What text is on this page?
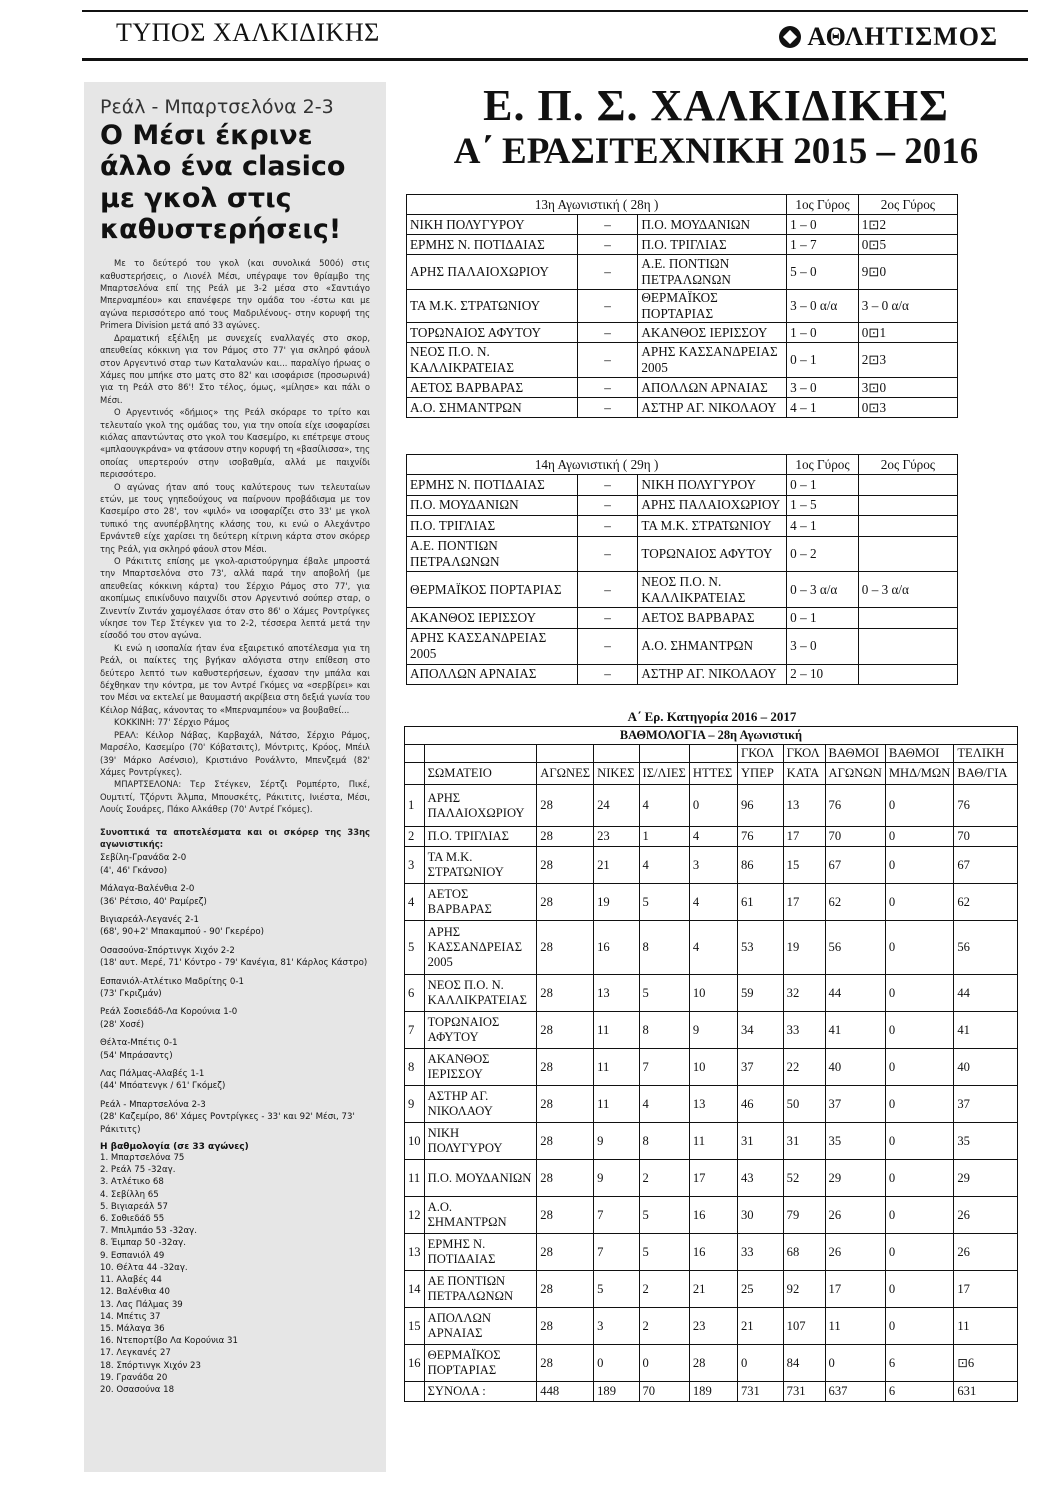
ΤΥΠΟΣ ΧΑΛΚΙΔΙΚΗΣ	ΑΘΛΗΤΙΣΜΟΣ
Ρεάλ - Μπαρτσελόνα 2-3
Ο Μέσι έκρινε άλλο ένα clasico με γκολ στις καθυστερήσεις!

Με το δεύτερό του γκολ (και συνολικά 500ό) στις καθυστερήσεις, ο Λιονέλ Μέσι, υπέγραψε τον θρίαμβο της Μπαρτσελόνα επί της Ρεάλ με 3-2 μέσα στο «Σαντιάγο Μπερναμπέου» και επανέφερε την ομάδα του -έστω και με αγώνα περισσότερο από τους Μαδριλένους- στην κορυφή της Primera Division μετά από 33 αγώνες.

Δραματική εξέλιξη με συνεχείς εναλλαγές στο σκορ, απευθείας κόκκινη για τον Ράμος στο 77' για σκληρό φάουλ στον Αργεντινό σταρ των Καταλανών και... παραλίγο ήρωας ο Χάμες που μπήκε στο ματς στο 82' και ισοφάρισε (προσωρινά) για τη Ρεάλ στο 86'! Στο τέλος, όμως, «μίλησε» και πάλι ο Μέσι.

Ο Αργεντινός «δήμιος» της Ρεάλ σκόραρε το τρίτο και τελευταίο γκολ της ομάδας του, για την οποία είχε ισοφαρίσει κιόλας απαντώντας στο γκολ του Κασεμίρο, κι επέτρεψε στους «μπλαουγκράνα» να φτάσουν στην κορυφή τη «βασίλισσα», της οποίας υπερτερούν στην ισοβαθμία, αλλά με παιχνίδι περισσότερο.

Ο αγώνας ήταν από τους καλύτερους των τελευταίων ετών, με τους γηπεδούχους να παίρνουν προβάδισμα με τον Κασεμίρο στο 28', τον «ψιλό» να ισοφαρίζει στο 33' με γκολ τυπικό της ανυπέρβλητης κλάσης του, κι ενώ ο Αλεχάντρο Ερνάντεθ είχε χαρίσει τη δεύτερη κίτρινη κάρτα στον σκόρερ της Ρεάλ, για σκληρό φάουλ στον Μέσι.

Ο Ράκιτιτς επίσης με γκολ-αριστούργημα έβαλε μπροστά την Μπαρτσελόνα στο 73', αλλά παρά την αποβολή (με απευθείας κόκκινη κάρτα) του Σέρχιο Ράμος στο 77', για ακοπίμως επικίνδυνο παιχνίδι στον Αργεντινό σούπερ σταρ, ο Ζινεντίν Ζιντάν χαμογέλασε όταν στο 86' ο Χάμες Ροντρίγκες νίκησε τον Τερ Στέγκεν για το 2-2, τέσσερα λεπτά μετά την είσοδό του στον αγώνα.

Κι ενώ η ισοπαλία ήταν ένα εξαιρετικό αποτέλεσμα για τη Ρεάλ, οι παίκτες της βγήκαν αλόγιστα στην επίθεση στο δεύτερο λεπτό των καθυστερήσεων, έχασαν την μπάλα και δέχθηκαν την κόντρα, με τον Αντρέ Γκόμες να «σερβίρει» και τον Μέσι να εκτελεί με θαυμαστή ακρίβεια στη δεξιά γωνία του Κέιλορ Νάβας, κάνοντας το «Μπερναμπέου» να βουβαθεί...

ΚΟΚΚΙΝΗ: 77' Σέρχιο Ράμος

ΡΕΑΛ: Κέιλορ Νάβας, Καρβαχάλ, Νάτσο, Σέρχιο Ράμος, Μαρσέλο, Κασεμίρο (70' Κόβατσιτς), Μόντριτς, Κρόος, Μπέιλ (39' Μάρκο Ασένσιο), Κριστιάνο Ρονάλντο, Μπενζεμά (82' Χάμες Ροντρίγκες).

ΜΠΑΡΤΣΕΛΟΝΑ: Τερ Στέγκεν, Σέρτζι Ρομπέρτο, Πικέ, Ουμτιτί, Τζόρντι Άλμπα, Μπουσκέτς, Ράκιτιτς, Ινιέστα, Μέσι, Λουίς Σουάρες, Πάκο Αλκάθερ (70' Αντρέ Γκόμες).

Συνοπτικά τα αποτελέσματα και οι σκόρερ της 33ης αγωνιστικής:

Σεβίλη-Γρανάδα 2-0
(4', 46' Γκάνσο)
Μάλαγα-Βαλένθια 2-0
(36' Ρέτσιο, 40' Ραμίρεζ)
Βιγιαρεάλ-Λεγανές 2-1
(68', 90+2' Μπακαμπού - 90' Γκερέρο)
Οσασούνα-Σπόρτινγκ Χιχόν 2-2
(18' αυτ. Μερέ, 71' Κόντρο - 79' Κανέγια, 81' Κάρλος Κάστρο)
Εσπανιόλ-Ατλέτικο Μαδρίτης 0-1
(73' Γκριζμάν)
Ρεάλ Σοσιεδάδ-Λα Κορούνια 1-0
(28' Χοσέ)
Θέλτα-Μπέτις 0-1
(54' Μπράσαντς)
Λας Πάλμας-Αλαβές 1-1
(44' Μπόατενγκ / 61' Γκόμεζ)
Ρεάλ - Μπαρτσελόνα 2-3
(28' Καζεμίρο, 86' Χάμες Ροντρίγκες - 33' και 92' Μέσι, 73' Ράκιτιτς)
Η βαθμολογία (σε 33 αγώνες)
1. Μπαρτσελόνα 75
2. Ρεάλ 75 -32αγ.
3. Ατλέτικο 68
4. Σεβίλλη 65
5. Βιγιαρεάλ 57
6. Σοθιεδάδ 55
7. Μπιλμπάο 53 -32αγ.
8. Έιμπαρ 50 -32αγ.
9. Εσπανιόλ 49
10. Θέλτα 44 -32αγ.
11. Αλαβές 44
12. Βαλένθια 40
13. Λας Πάλμας 39
14. Μπέτις 37
15. Μάλαγα 36
16. Ντεπορτίβο Λα Κορούνια 31
17. Λεγκανές 27
18. Σπόρτινγκ Χιχόν 23
19. Γρανάδα 20
20. Οσασούνα 18
Ε. Π. Σ. ΧΑΛΚΙΔΙΚΗΣ
Α΄ ΕΡΑΣΙΤΕΧΝΙΚΗ 2015 – 2016
13η Αγωνιστική ( 28η )			1ος Γύρος	2ος Γύρος
ΝΙΚΗ ΠΟΛΥΓΥΡΟΥ	–	Π.Ο. ΜΟΥΔΑΝΙΩΝ	1 – 0	1⊡2
ΕΡΜΗΣ Ν. ΠΟΤΙΔΑΙΑΣ	–	Π.Ο. ΤΡΙΓΛΙΑΣ	1 – 7	0⊡5
ΑΡΗΣ ΠΑΛΑΙΟΧΩΡΙΟΥ	–	Α.Ε. ΠΟΝΤΙΩΝ ΠΕΤΡΑΛΩΝΩΝ	5 – 0	9⊡0
ΤΑ Μ.Κ. ΣΤΡΑΤΩΝΙΟΥ	–	ΘΕΡΜΑΪΚΟΣ ΠΟΡΤΑΡΙΑΣ	3 – 0 α/α	3 – 0 α/α
ΤΟΡΩΝΑΙΟΣ ΑΦΥΤΟΥ	–	ΑΚΑΝΘΟΣ ΙΕΡΙΣΣΟΥ	1 – 0	0⊡1
ΝΕΟΣ Π.Ο. Ν. ΚΑΛΛΙΚΡΑΤΕΙΑΣ	–	ΑΡΗΣ ΚΑΣΣΑΝΔΡΕΙΑΣ 2005	0 – 1	2⊡3
ΑΕΤΟΣ ΒΑΡΒΑΡΑΣ	–	ΑΠΟΛΛΩΝ ΑΡΝΑΙΑΣ	3 – 0	3⊡0
Α.Ο. ΣΗΜΑΝΤΡΩΝ	–	ΑΣΤΗΡ ΑΓ. ΝΙΚΟΛΑΟΥ	4 – 1	0⊡3
14η Αγωνιστική ( 29η )			1ος Γύρος	2ος Γύρος
ΕΡΜΗΣ Ν. ΠΟΤΙΔΑΙΑΣ	–	ΝΙΚΗ ΠΟΛΥΓΥΡΟΥ	0 – 1	
Π.Ο. ΜΟΥΔΑΝΙΩΝ	–	ΑΡΗΣ ΠΑΛΑΙΟΧΩΡΙΟΥ	1 – 5	
Π.Ο. ΤΡΙΓΛΙΑΣ	–	ΤΑ Μ.Κ. ΣΤΡΑΤΩΝΙΟΥ	4 – 1	
Α.Ε. ΠΟΝΤΙΩΝ ΠΕΤΡΑΛΩΝΩΝ	–	ΤΟΡΩΝΑΙΟΣ ΑΦΥΤΟΥ	0 – 2	
ΘΕΡΜΑΪΚΟΣ ΠΟΡΤΑΡΙΑΣ	–	ΝΕΟΣ Π.Ο. Ν. ΚΑΛΛΙΚΡΑΤΕΙΑΣ	0 – 3 α/α	0 – 3 α/α
ΑΚΑΝΘΟΣ ΙΕΡΙΣΣΟΥ	–	ΑΕΤΟΣ ΒΑΡΒΑΡΑΣ	0 – 1	
ΑΡΗΣ ΚΑΣΣΑΝΔΡΕΙΑΣ 2005	–	Α.Ο. ΣΗΜΑΝΤΡΩΝ	3 – 0	
ΑΠΟΛΛΩΝ ΑΡΝΑΙΑΣ	–	ΑΣΤΗΡ ΑΓ. ΝΙΚΟΛΑΟΥ	2 – 10	
Α΄ Ερ. Κατηγορία 2016 – 2017
ΒΑΘΜΟΛΟΓΙΑ – 28η Αγωνιστική										
						ΓΚΟΛ	ΓΚΟΛ	ΒΑΘΜΟΙ	ΒΑΘΜΟΙ	ΤΕΛΙΚΗ
	ΣΩΜΑΤΕΙΟ	ΑΓΩΝΕΣ	ΝΙΚΕΣ	ΙΣ/ΛΙΕΣ	ΗΤΤΕΣ	ΥΠΕΡ	ΚΑΤΑ	ΑΓΩΝΩΝ	ΜΗΔ/ΜΩΝ	ΒΑΘ/ΓΙΑ
1	ΑΡΗΣ ΠΑΛΑΙΟΧΩΡΙΟΥ	28	24	4	0	96	13	76	0	76
2	Π.Ο. ΤΡΙΓΛΙΑΣ	28	23	1	4	76	17	70	0	70
3	ΤΑ Μ.Κ. ΣΤΡΑΤΩΝΙΟΥ	28	21	4	3	86	15	67	0	67
4	ΑΕΤΟΣ ΒΑΡΒΑΡΑΣ	28	19	5	4	61	17	62	0	62
5	ΑΡΗΣ ΚΑΣΣΑΝΔΡΕΙΑΣ 2005	28	16	8	4	53	19	56	0	56
6	ΝΕΟΣ Π.Ο. Ν. ΚΑΛΛΙΚΡΑΤΕΙΑΣ	28	13	5	10	59	32	44	0	44
7	ΤΟΡΩΝΑΙΟΣ ΑΦΥΤΟΥ	28	11	8	9	34	33	41	0	41
8	ΑΚΑΝΘΟΣ ΙΕΡΙΣΣΟΥ	28	11	7	10	37	22	40	0	40
9	ΑΣΤΗΡ ΑΓ. ΝΙΚΟΛΑΟΥ	28	11	4	13	46	50	37	0	37
10	ΝΙΚΗ ΠΟΛΥΓΥΡΟΥ	28	9	8	11	31	31	35	0	35
11	Π.Ο. ΜΟΥΔΑΝΙΩΝ	28	9	2	17	43	52	29	0	29
12	Α.Ο. ΣΗΜΑΝΤΡΩΝ	28	7	5	16	30	79	26	0	26
13	ΕΡΜΗΣ Ν. ΠΟΤΙΔΑΙΑΣ	28	7	5	16	33	68	26	0	26
14	ΑΕ ΠΟΝΤΙΩΝ ΠΕΤΡΑΛΩΝΩΝ	28	5	2	21	25	92	17	0	17
15	ΑΠΟΛΛΩΝ ΑΡΝΑΙΑΣ	28	3	2	23	21	107	11	0	11
16	ΘΕΡΜΑΪΚΟΣ ΠΟΡΤΑΡΙΑΣ	28	0	0	28	0	84	0	6	⊡6
	ΣΥΝΟΛΑ :	448	189	70	189	731	731	637	6	631
